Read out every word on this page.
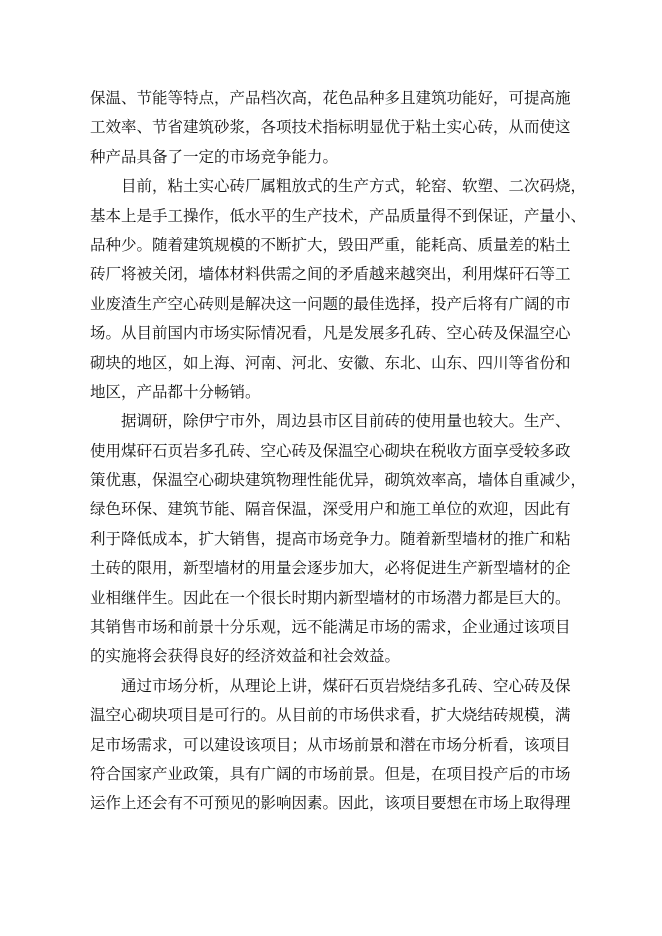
保温、节能等特点，产品档次高，花色品种多且建筑功能好，可提高施
工效率、节省建筑砂浆，各项技术指标明显优于粘土实心砖，从而使这
种产品具备了一定的市场竞争能力。
目前，粘土实心砖厂属粗放式的生产方式，轮窑、软塑、二次码烧，
基本上是手工操作，低水平的生产技术，产品质量得不到保证，产量小、
品种少。随着建筑规模的不断扩大，毁田严重，能耗高、质量差的粘土
砖厂将被关闭，墙体材料供需之间的矛盾越来越突出，利用煤矸石等工
业废渣生产空心砖则是解决这一问题的最佳选择，投产后将有广阔的市
场。从目前国内市场实际情况看，凡是发展多孔砖、空心砖及保温空心
砌块的地区，如上海、河南、河北、安徽、东北、山东、四川等省份和
地区，产品都十分畅销。
据调研，除伊宁市外，周边县市区目前砖的使用量也较大。生产、
使用煤矸石页岩多孔砖、空心砖及保温空心砌块在税收方面享受较多政
策优惠，保温空心砌块建筑物理性能优异，砌筑效率高，墙体自重减少，
绿色环保、建筑节能、隔音保温，深受用户和施工单位的欢迎，因此有
利于降低成本，扩大销售，提高市场竞争力。随着新型墙材的推广和粘
土砖的限用，新型墙材的用量会逐步加大，必将促进生产新型墙材的企
业相继伴生。因此在一个很长时期内新型墙材的市场潜力都是巨大的。
其销售市场和前景十分乐观，远不能满足市场的需求，企业通过该项目
的实施将会获得良好的经济效益和社会效益。
通过市场分析，从理论上讲，煤矸石页岩烧结多孔砖、空心砖及保
温空心砌块项目是可行的。从目前的市场供求看，扩大烧结砖规模，满
足市场需求，可以建设该项目；从市场前景和潜在市场分析看，该项目
符合国家产业政策，具有广阔的市场前景。但是，在项目投产后的市场
运作上还会有不可预见的影响因素。因此，该项目要想在市场上取得理
